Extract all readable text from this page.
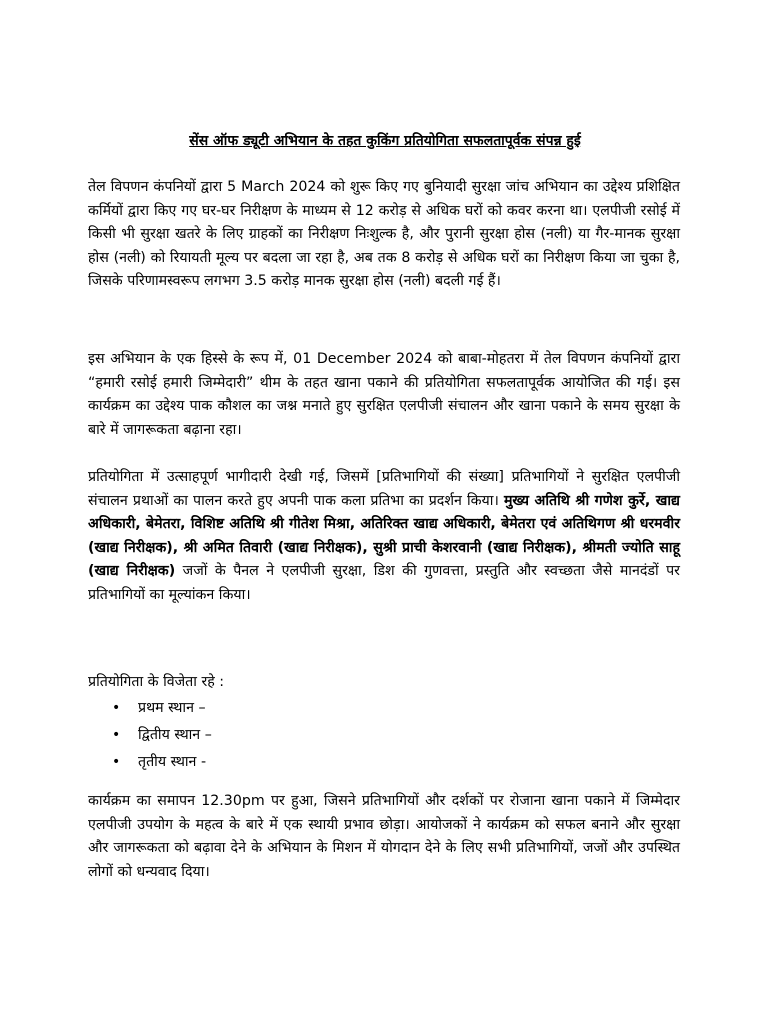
सेंस ऑफ ड्यूटी अभियान के तहत कुकिंग प्रतियोगिता सफलतापूर्वक संपन्न हुई

तेल विपणन कंपनियों द्वारा 5 March 2024 को शुरू किए गए बुनियादी सुरक्षा जांच अभियान का उद्देश्य प्रशिक्षित कर्मियों द्वारा किए गए घर-घर निरीक्षण के माध्यम से 12 करोड़ से अधिक घरों को कवर करना था। एलपीजी रसोई में किसी भी सुरक्षा खतरे के लिए ग्राहकों का निरीक्षण निःशुल्क है, और पुरानी सुरक्षा होस (नली) या गैर-मानक सुरक्षा होस (नली) को रियायती मूल्य पर बदला जा रहा है, अब तक 8 करोड़ से अधिक घरों का निरीक्षण किया जा चुका है, जिसके परिणामस्वरूप लगभग 3.5 करोड़ मानक सुरक्षा होस (नली) बदली गई हैं।

इस अभियान के एक हिस्से के रूप में, 01 December 2024 को बाबा-मोहतरा में तेल विपणन कंपनियों द्वारा “हमारी रसोई हमारी जिम्मेदारी” थीम के तहत खाना पकाने की प्रतियोगिता सफलतापूर्वक आयोजित की गई। इस कार्यक्रम का उद्देश्य पाक कौशल का जश्न मनाते हुए सुरक्षित एलपीजी संचालन और खाना पकाने के समय सुरक्षा के बारे में जागरूकता बढ़ाना रहा।

प्रतियोगिता में उत्साहपूर्ण भागीदारी देखी गई, जिसमें [प्रतिभागियों की संख्या] प्रतिभागियों ने सुरक्षित एलपीजी संचालन प्रथाओं का पालन करते हुए अपनी पाक कला प्रतिभा का प्रदर्शन किया। मुख्य अतिथि श्री गणेश कुर्रे, खाद्य अधिकारी, बेमेतरा, विशिष्ट अतिथि श्री गीतेश मिश्रा, अतिरिक्त खाद्य अधिकारी, बेमेतरा एवं अतिथिगण श्री धरमवीर (खाद्य निरीक्षक), श्री अमित तिवारी (खाद्य निरीक्षक), सुश्री प्राची केशरवानी (खाद्य निरीक्षक), श्रीमती ज्योति साहू (खाद्य निरीक्षक) जजों के पैनल ने एलपीजी सुरक्षा, डिश की गुणवत्ता, प्रस्तुति और स्वच्छता जैसे मानदंडों पर प्रतिभागियों का मूल्यांकन किया।

प्रतियोगिता के विजेता रहे :
• प्रथम स्थान –
• द्वितीय स्थान –
• तृतीय स्थान -

कार्यक्रम का समापन 12.30pm पर हुआ, जिसने प्रतिभागियों और दर्शकों पर रोजाना खाना पकाने में जिम्मेदार एलपीजी उपयोग के महत्व के बारे में एक स्थायी प्रभाव छोड़ा। आयोजकों ने कार्यक्रम को सफल बनाने और सुरक्षा और जागरूकता को बढ़ावा देने के अभियान के मिशन में योगदान देने के लिए सभी प्रतिभागियों, जजों और उपस्थित लोगों को धन्यवाद दिया।
